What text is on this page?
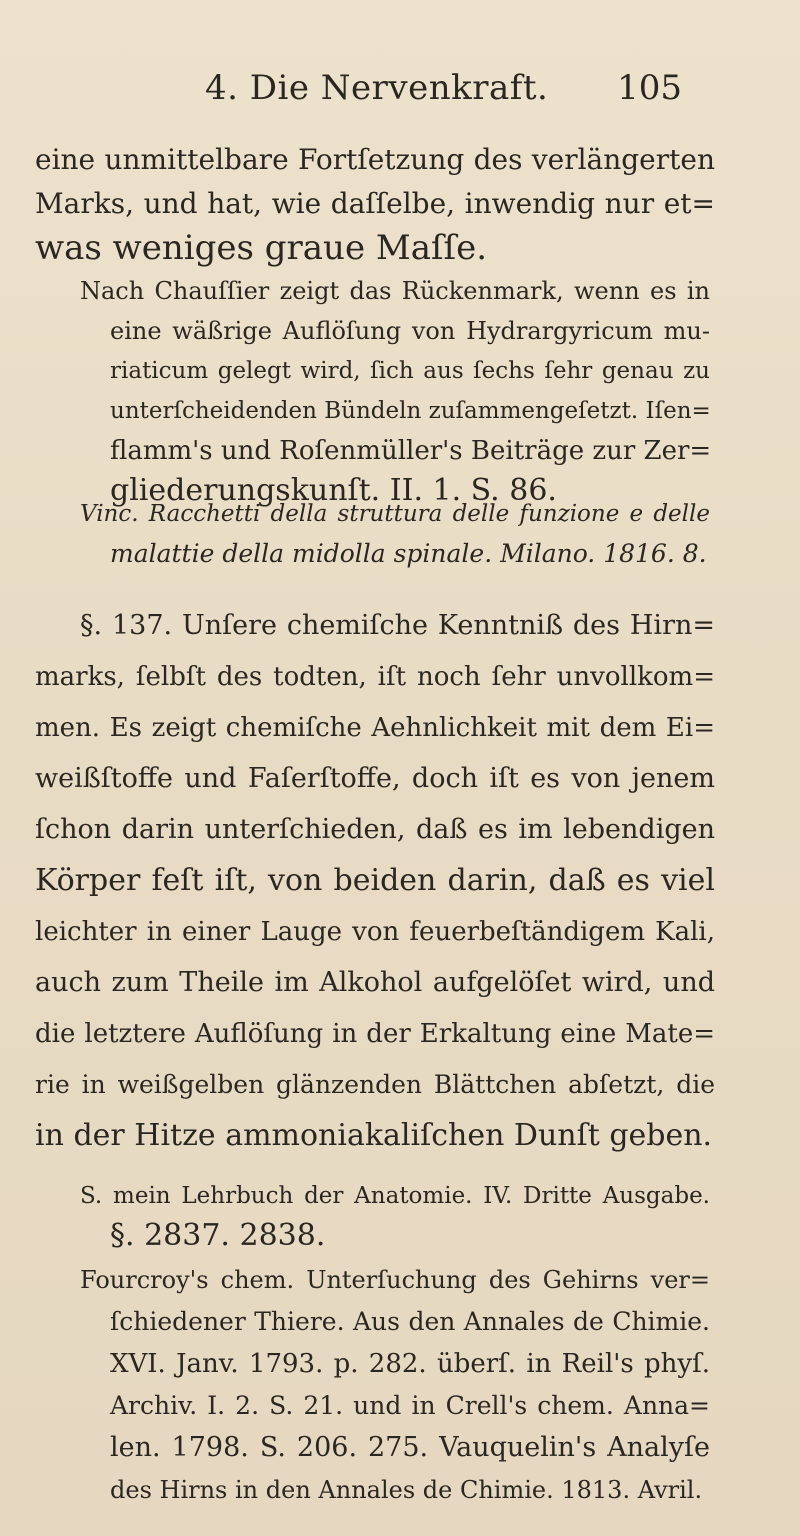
4. Die Nervenkraft. 105
eine unmittelbare Fortſetzung des verlängerten
Marks, und hat, wie daſſelbe, inwendig nur et=
was weniges graue Maſſe.
Nach Chauſſier zeigt das Rückenmark, wenn es in
eine wäßrige Auflöſung von Hydrargyricum mu-
riaticum gelegt wird, ſich aus ſechs ſehr genau zu
unterſcheidenden Bündeln zuſammengeſetzt. Iſen=
flamm's und Roſenmüller's Beiträge zur Zer=
gliederungskunſt. II. 1. S. 86.
Vinc. Racchetti della struttura delle funzione e delle
malattie della midolla spinale. Milano. 1816. 8.
§. 137. Unſere chemiſche Kenntniß des Hirn=
marks, ſelbſt des todten, iſt noch ſehr unvollkom=
men. Es zeigt chemiſche Aehnlichkeit mit dem Ei=
weißſtoffe und Faſerſtoffe, doch iſt es von jenem
ſchon darin unterſchieden, daß es im lebendigen
Körper feſt iſt, von beiden darin, daß es viel
leichter in einer Lauge von feuerbeſtändigem Kali,
auch zum Theile im Alkohol aufgelöſet wird, und
die letztere Auflöſung in der Erkaltung eine Mate=
rie in weißgelben glänzenden Blättchen abſetzt, die
in der Hitze ammoniakaliſchen Dunſt geben.
S. mein Lehrbuch der Anatomie. IV. Dritte Ausgabe.
§. 2837. 2838.
Fourcroy's chem. Unterſuchung des Gehirns ver=
ſchiedener Thiere. Aus den Annales de Chimie.
XVI. Janv. 1793. p. 282. überſ. in Reil's phyſ.
Archiv. I. 2. S. 21. und in Crell's chem. Anna=
len. 1798. S. 206. 275. Vauquelin's Analyſe
des Hirns in den Annales de Chimie. 1813. Avril.
